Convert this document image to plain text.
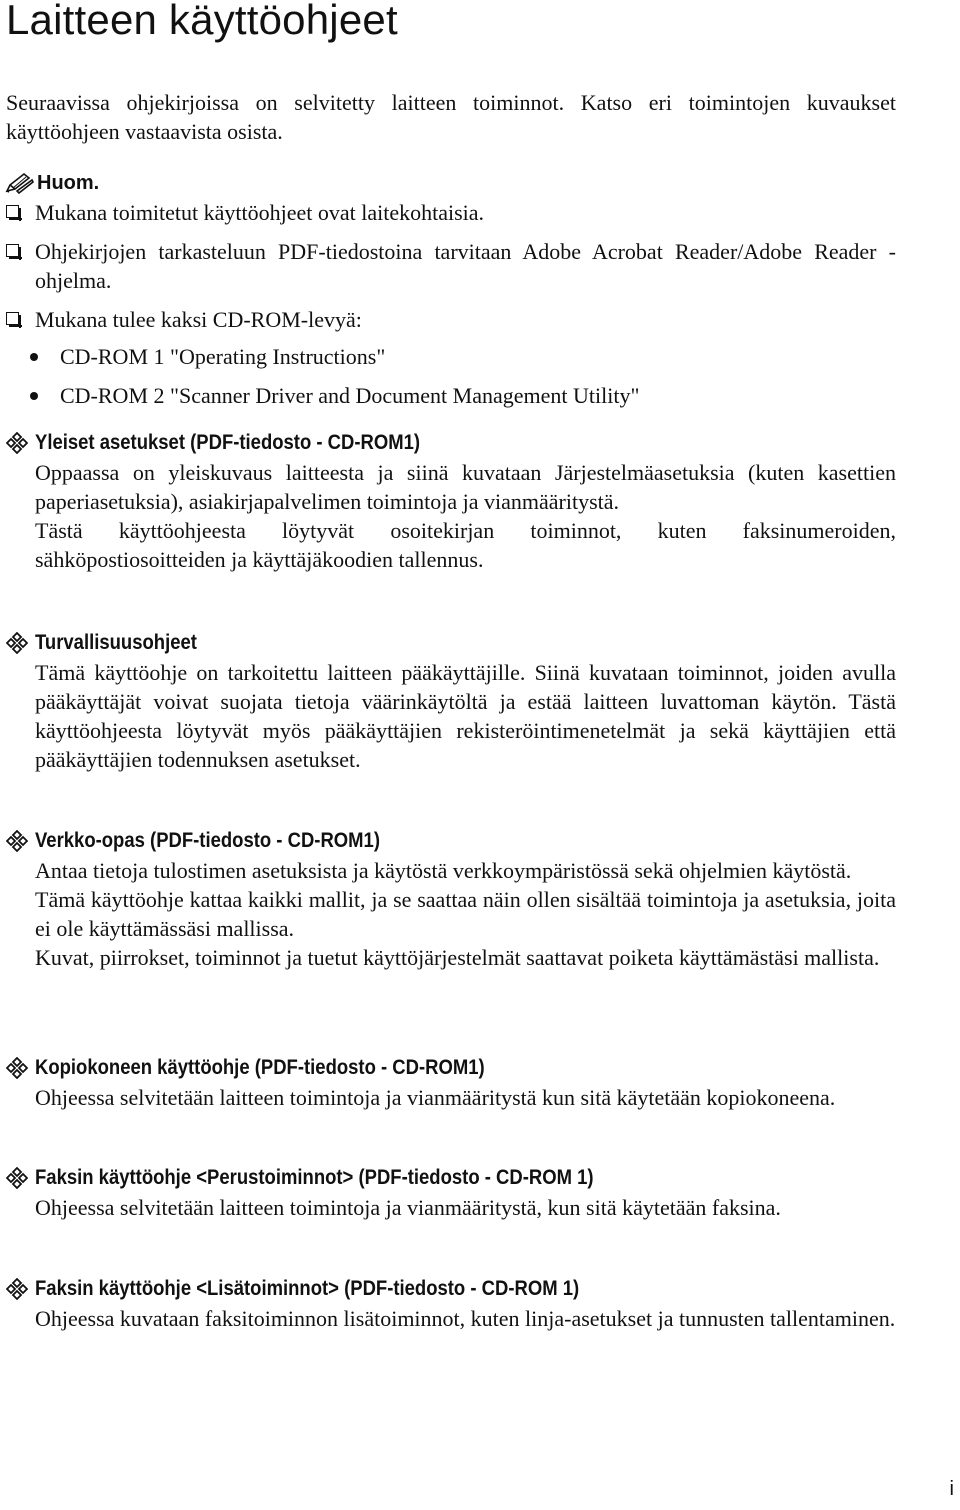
Laitteen käyttöohjeet

Seuraavissa ohjekirjoissa on selvitetty laitteen toiminnot. Katso eri toimintojen kuvaukset käyttöohjeen vastaavista osista.

Huom.
Mukana toimitetut käyttöohjeet ovat laitekohtaisia.
Ohjekirjojen tarkasteluun PDF-tiedostoina tarvitaan Adobe Acrobat Reader/Adobe Reader -ohjelma.
Mukana tulee kaksi CD-ROM-levyä:
CD-ROM 1 "Operating Instructions"
CD-ROM 2 "Scanner Driver and Document Management Utility"
Yleiset asetukset (PDF-tiedosto - CD-ROM1)

Oppaassa on yleiskuvaus laitteesta ja siinä kuvataan Järjestelmäasetuksia (kuten kasettien paperiasetuksia), asiakirjapalvelimen toimintoja ja vianmääritystä.

Tästä käyttöohjeesta löytyvät osoitekirjan toiminnot, kuten faksinumeroiden, sähköpostiosoitteiden ja käyttäjäkoodien tallennus.

Turvallisuusohjeet

Tämä käyttöohje on tarkoitettu laitteen pääkäyttäjille. Siinä kuvataan toiminnot, joiden avulla pääkäyttäjät voivat suojata tietoja väärinkäytöltä ja estää laitteen luvattoman käytön. Tästä käyttöohjeesta löytyvät myös pääkäyttäjien rekisteröintimenetelmät ja sekä käyttäjien että pääkäyttäjien todennuksen asetukset.

Verkko-opas (PDF-tiedosto - CD-ROM1)

Antaa tietoja tulostimen asetuksista ja käytöstä verkkoympäristössä sekä ohjelmien käytöstä.

Tämä käyttöohje kattaa kaikki mallit, ja se saattaa näin ollen sisältää toimintoja ja asetuksia, joita ei ole käyttämässäsi mallissa.

Kuvat, piirrokset, toiminnot ja tuetut käyttöjärjestelmät saattavat poiketa käyttämästäsi mallista.

Kopiokoneen käyttöohje (PDF-tiedosto - CD-ROM1)

Ohjeessa selvitetään laitteen toimintoja ja vianmääritystä kun sitä käytetään kopiokoneena.

Faksin käyttöohje <Perustoiminnot> (PDF-tiedosto - CD-ROM 1)

Ohjeessa selvitetään laitteen toimintoja ja vianmääritystä, kun sitä käytetään faksina.

Faksin käyttöohje <Lisätoiminnot> (PDF-tiedosto - CD-ROM 1)

Ohjeessa kuvataan faksitoiminnon lisätoiminnot, kuten linja-asetukset ja tunnusten tallentaminen.

i
